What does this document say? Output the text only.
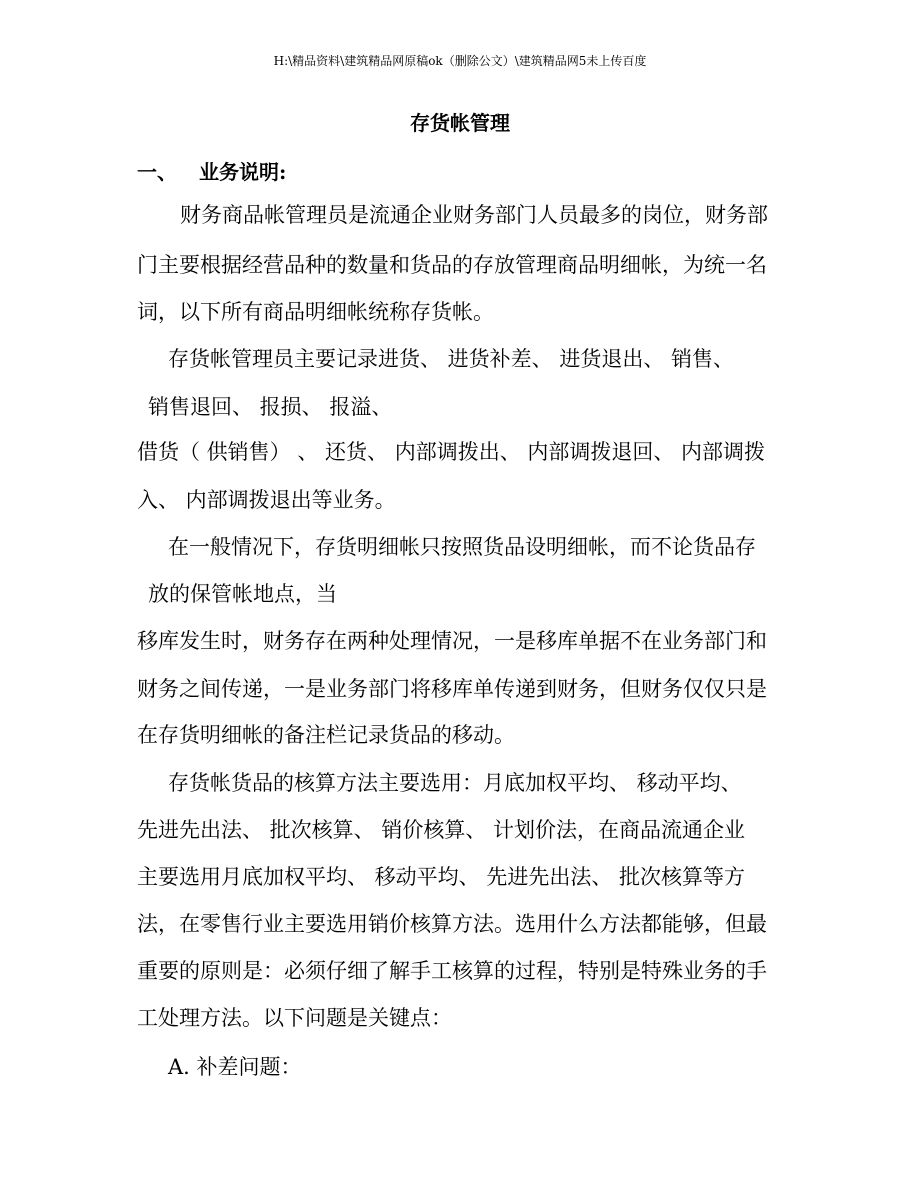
H:\精品资料\建筑精品网原稿ok（删除公文）\建筑精品网5未上传百度
存货帐管理
一、 业务说明:
财务商品帐管理员是流通企业财务部门人员最多的岗位，财务部
门主要根据经营品种的数量和货品的存放管理商品明细帐，为统一名
词，以下所有商品明细帐统称存货帐。
存货帐管理员主要记录进货、 进货补差、 进货退出、 销售、
销售退回、 报损、 报溢、
借货（ 供销售） 、 还货、 内部调拨出、 内部调拨退回、 内部调拨
入、 内部调拨退出等业务。
在一般情况下，存货明细帐只按照货品设明细帐，而不论货品存
放的保管帐地点，当
移库发生时，财务存在两种处理情况，一是移库单据不在业务部门和
财务之间传递，一是业务部门将移库单传递到财务，但财务仅仅只是
在存货明细帐的备注栏记录货品的移动。
存货帐货品的核算方法主要选用：月底加权平均、 移动平均、
先进先出法、 批次核算、 销价核算、 计划价法，在商品流通企业
主要选用月底加权平均、 移动平均、 先进先出法、 批次核算等方
法，在零售行业主要选用销价核算方法。选用什么方法都能够，但最
重要的原则是：必须仔细了解手工核算的过程，特别是特殊业务的手
工处理方法。以下问题是关键点：
A. 补差问题：
